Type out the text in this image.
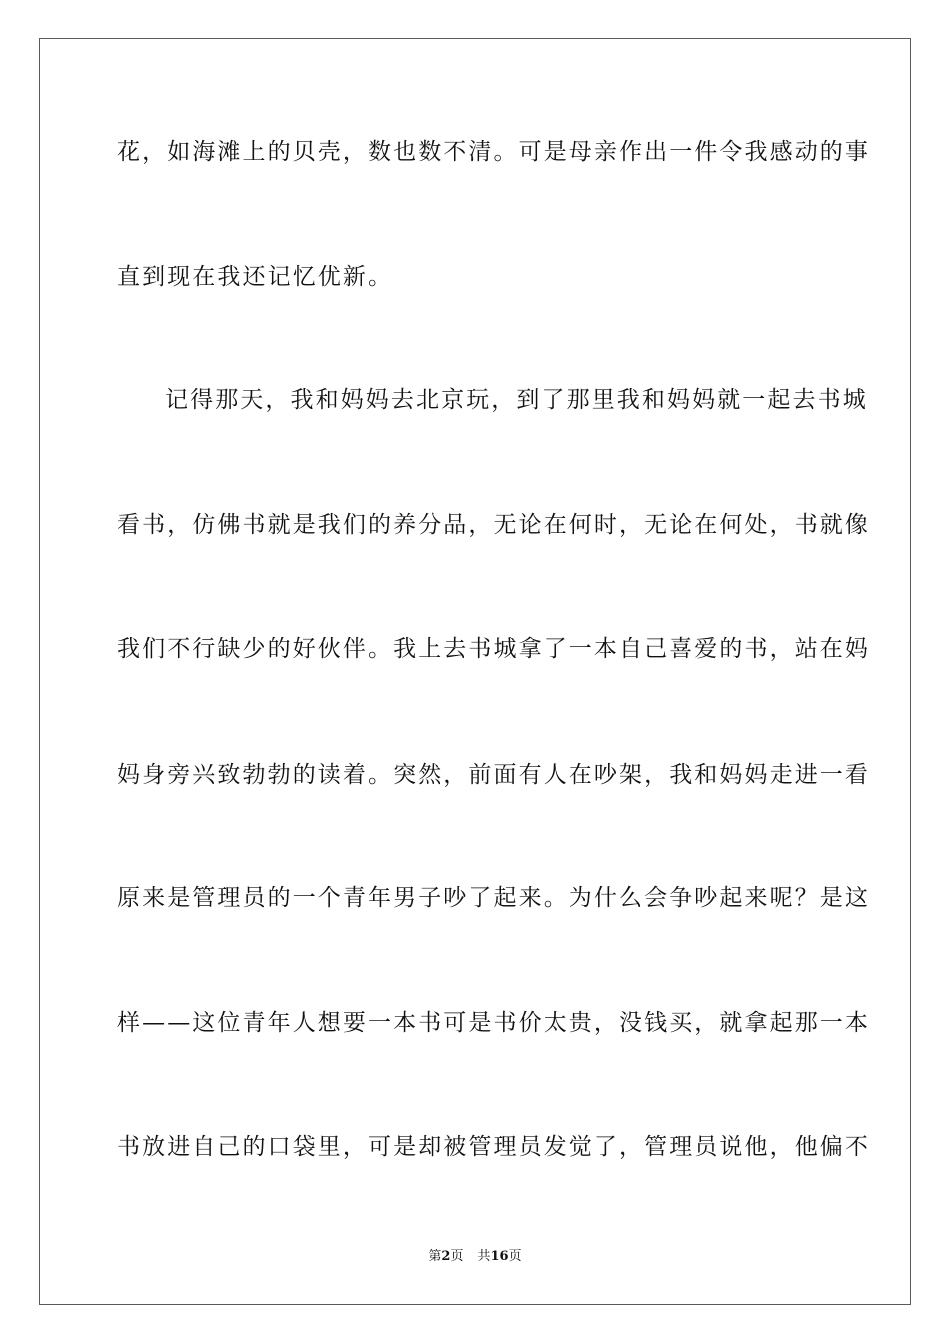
花，如海滩上的贝壳，数也数不清。可是母亲作出一件令我感动的事
直到现在我还记忆优新。
记得那天，我和妈妈去北京玩，到了那里我和妈妈就一起去书城
看书，仿佛书就是我们的养分品，无论在何时，无论在何处，书就像
我们不行缺少的好伙伴。我上去书城拿了一本自己喜爱的书，站在妈
妈身旁兴致勃勃的读着。突然，前面有人在吵架，我和妈妈走进一看
原来是管理员的一个青年男子吵了起来。为什么会争吵起来呢？是这
样——这位青年人想要一本书可是书价太贵，没钱买，就拿起那一本
书放进自己的口袋里，可是却被管理员发觉了，管理员说他，他偏不
第2页 共16页
